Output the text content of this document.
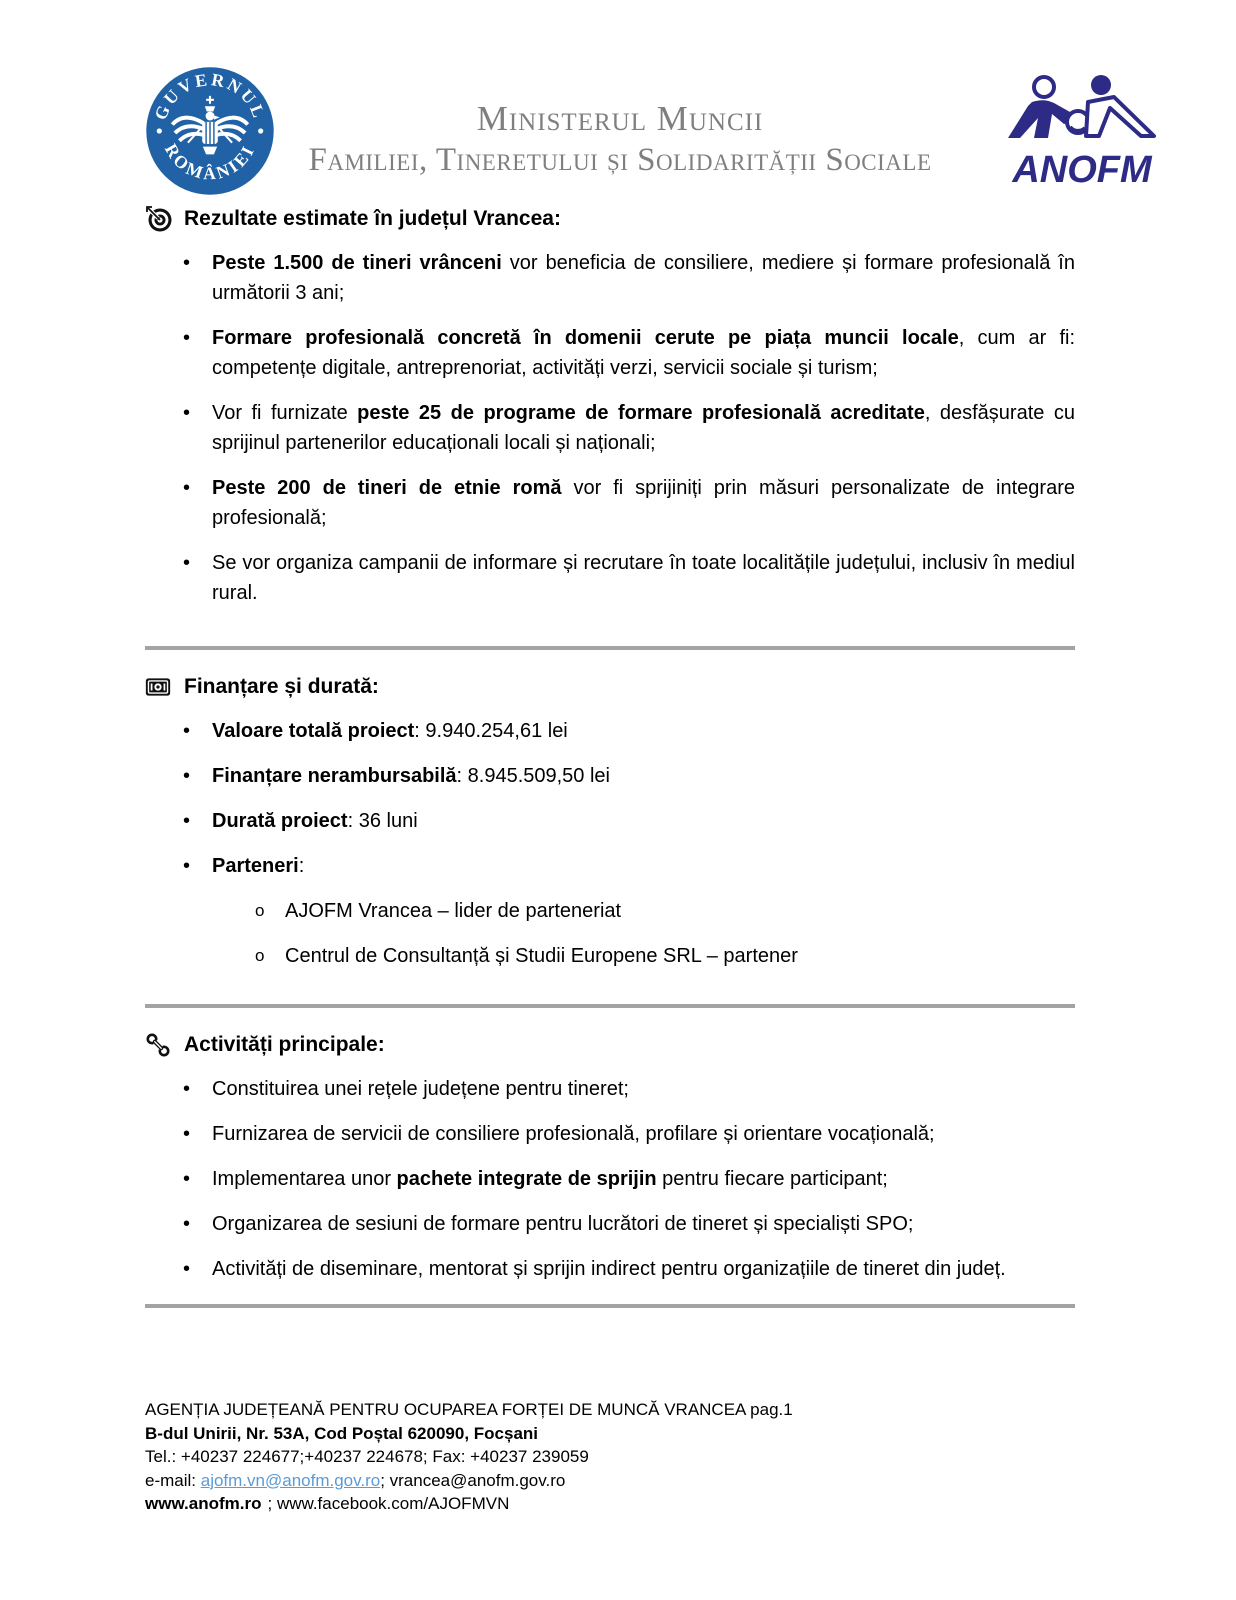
GUVERNUL
ROMÂNIEI
Ministerul Muncii
Familiei, Tineretului și Solidarității Sociale	ANOFM
Rezultate estimate în județul Vrancea:
• Peste 1.500 de tineri vrânceni vor beneficia de consiliere, mediere și formare profesională în următorii 3 ani;
• Formare profesională concretă în domenii cerute pe piața muncii locale, cum ar fi: competențe digitale, antreprenoriat, activități verzi, servicii sociale și turism;
• Vor fi furnizate peste 25 de programe de formare profesională acreditate, desfășurate cu sprijinul partenerilor educaționali locali și naționali;
• Peste 200 de tineri de etnie romă vor fi sprijiniți prin măsuri personalizate de integrare profesională;
• Se vor organiza campanii de informare și recrutare în toate localitățile județului, inclusiv în mediul rural.
Finanțare și durată:
• Valoare totală proiect: 9.940.254,61 lei
• Finanțare nerambursabilă: 8.945.509,50 lei
• Durată proiect: 36 luni
• Parteneri:
o AJOFM Vrancea – lider de parteneriat
o Centrul de Consultanță și Studii Europene SRL – partener
Activități principale:
• Constituirea unei rețele județene pentru tineret;
• Furnizarea de servicii de consiliere profesională, profilare și orientare vocațională;
• Implementarea unor pachete integrate de sprijin pentru fiecare participant;
• Organizarea de sesiuni de formare pentru lucrători de tineret și specialiști SPO;
• Activități de diseminare, mentorat și sprijin indirect pentru organizațiile de tineret din județ.
AGENȚIA JUDEȚEANĂ PENTRU OCUPAREA FORȚEI DE MUNCĂ VRANCEA pag.1
B-dul Unirii, Nr. 53A, Cod Poștal 620090, Focșani
Tel.: +40237 224677;+40237 224678; Fax: +40237 239059
e-mail: ajofm.vn@anofm.gov.ro; vrancea@anofm.gov.ro
www.anofm.ro ; www.facebook.com/AJOFMVN
